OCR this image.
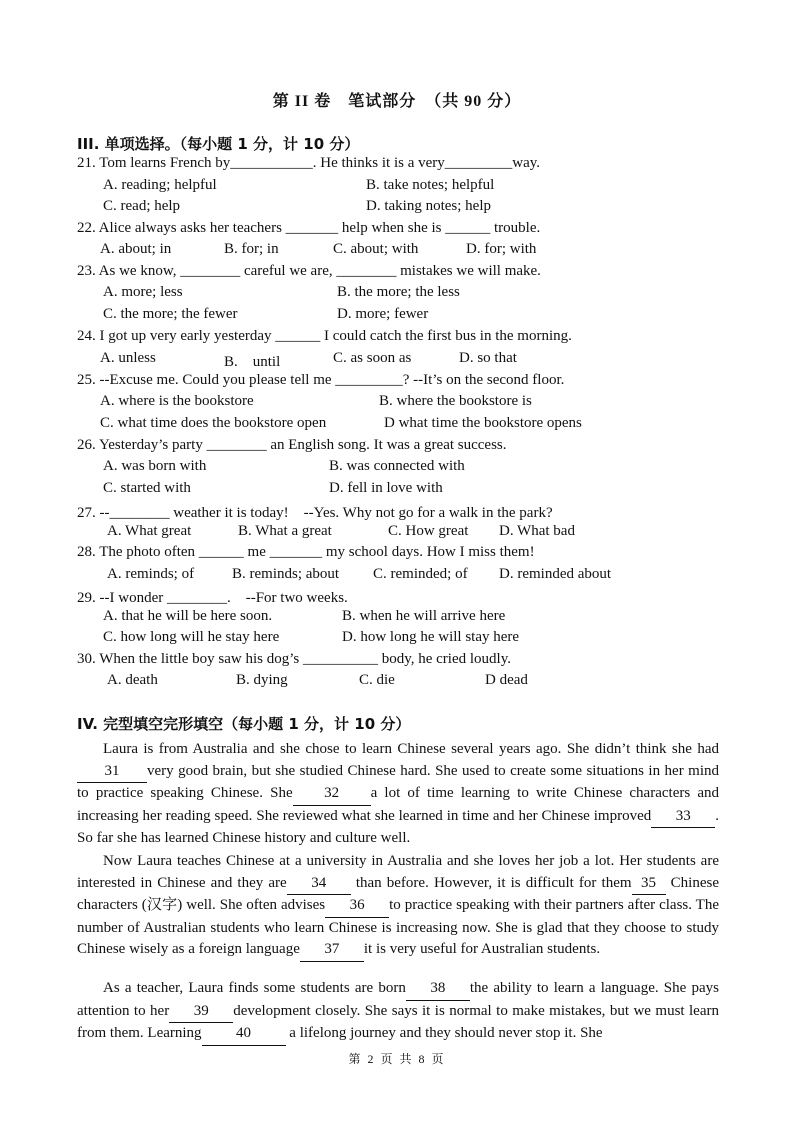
第 II 卷　笔试部分　（共 90 分）
III. 单项选择。（每小题 1 分，计 10 分）
21. Tom learns French by___________. He thinks it is a very_________way.
A. reading; helpful	B. take notes; helpful
C. read; help	D. taking notes; help
22. Alice always asks her teachers _______ help when she is ______ trouble.
A. about; in	B. for; in	C. about; with	D. for; with
23. As we know, ________ careful we are, ________ mistakes we will make.
A. more; less	B. the more; the less
C. the more; the fewer	D. more; fewer
24. I got up very early yesterday ______ I could catch the first bus in the morning.
A. unless	B.　until	C. as soon as	D. so that
25. --Excuse me. Could you please tell me _________? --It’s on the second floor.
A. where is the bookstore	B. where the bookstore is
C. what time does the bookstore open	D what time the bookstore opens
26. Yesterday’s party ________ an English song. It was a great success.
A. was born with	B. was connected with
C. started with	D. fell in love with
27. --________ weather it is today!　--Yes. Why not go for a walk in the park?
A. What great	B. What a great	C. How great D. What bad
28. The photo often ______ me _______ my school days. How I miss them!
A. reminds; of	B. reminds; about C. reminded; of D. reminded about
29. --I wonder ________.　--For two weeks.
A. that he will be here soon.	B. when he will arrive here
C. how long will he stay here	D. how long he will stay here
30. When the little boy saw his dog’s __________ body, he cried loudly.
A. death	B. dying	C. die	D dead
IV. 完型填空完形填空（每小题 1 分，计 10 分）
Laura is from Australia and she chose to learn Chinese several years ago. She didn’t think she had31 very good brain, but she studied Chinese hard. She used to create some situations in her mind to practice speaking Chinese. She 32 a lot of time learning to write Chinese characters and increasing her reading speed. She reviewed what she learned in time and her Chinese improved 33 . So far she has learned Chinese history and culture well.
Now Laura teaches Chinese at a university in Australia and she loves her job a lot. Her students are interested in Chinese and they are 34 than before. However, it is difficult for them 35 Chinese characters (汉字) well. She often advises 36 to practice speaking with their partners after class. The number of Australian students who learn Chinese is increasing now. She is glad that they choose to study Chinese wisely as a foreign language 37 it is very useful for Australian students.
As a teacher, Laura finds some students are born 38 the ability to learn a language. She pays attention to her 39 development closely. She says it is normal to make mistakes, but we must learn from them. Learning 40 a lifelong journey and they should never stop it. She
第 2 页 共 8 页
